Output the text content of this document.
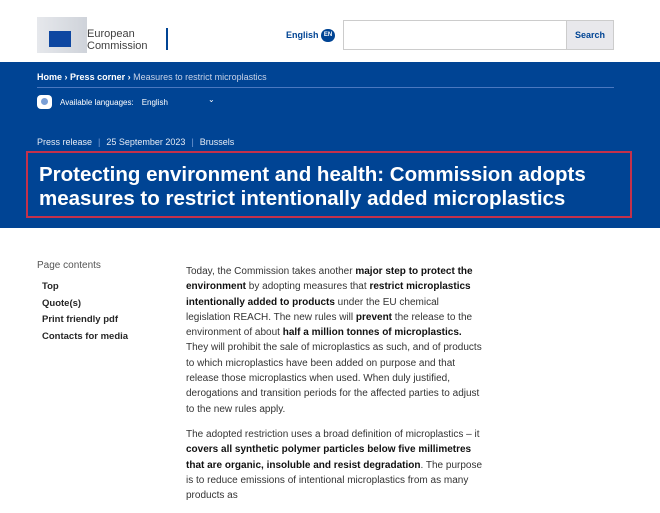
European
Commission
English EN	Search
Home › Press corner › Measures to restrict microplastics
Available languages: English	⌄
Press release | 25 September 2023 | Brussels
Protecting environment and health: Commission adopts measures to restrict intentionally added microplastics
Page contents
Top
Quote(s)
Print friendly pdf
Contacts for media

Today, the Commission takes another major step to protect the environment by adopting measures that restrict microplastics intentionally added to products under the EU chemical legislation REACH. The new rules will prevent the release to the environment of about half a million tonnes of microplastics. They will prohibit the sale of microplastics as such, and of products to which microplastics have been added on purpose and that release those microplastics when used. When duly justified, derogations and transition periods for the affected parties to adjust to the new rules apply.

The adopted restriction uses a broad definition of microplastics – it covers all synthetic polymer particles below five millimetres that are organic, insoluble and resist degradation. The purpose is to reduce emissions of intentional microplastics from as many products as
